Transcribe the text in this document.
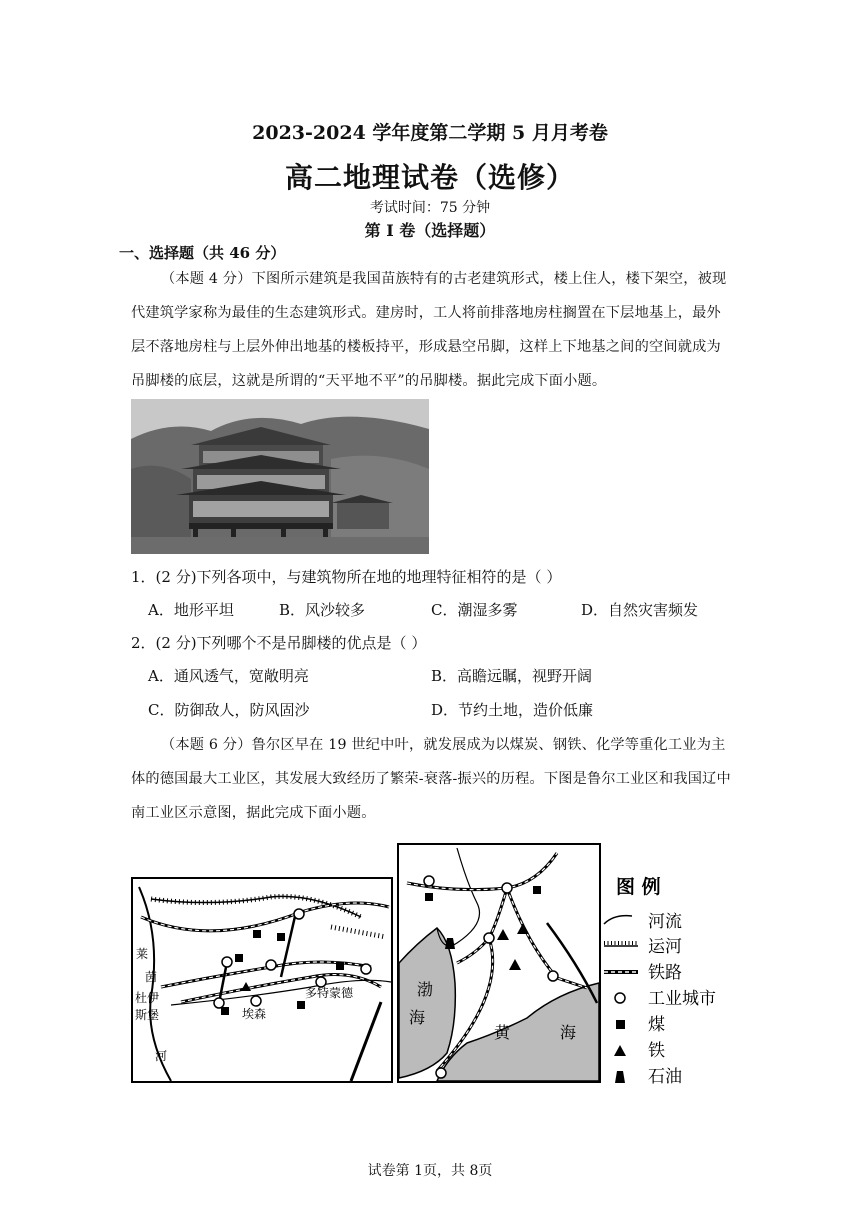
2023-2024 学年度第二学期 5 月月考卷
高二地理试卷（选修）
考试时间：75 分钟
第 I 卷（选择题）
一、选择题（共 46 分）
（本题 4 分）下图所示建筑是我国苗族特有的古老建筑形式，楼上住人，楼下架空，被现代建筑学家称为最佳的生态建筑形式。建房时，工人将前排落地房柱搁置在下层地基上，最外层不落地房柱与上层外伸出地基的楼板持平，形成悬空吊脚，这样上下地基之间的空间就成为吊脚楼的底层，这就是所谓的“天平地不平”的吊脚楼。据此完成下面小题。
1．(2 分)下列各项中，与建筑物所在地的地理特征相符的是（ ）
A．地形平坦	B．风沙较多	C．潮湿多雾	D．自然灾害频发
2．(2 分)下列哪个不是吊脚楼的优点是（ ）
A．通风透气，宽敞明亮	B．高瞻远瞩，视野开阔
C．防御敌人，防风固沙	D．节约土地，造价低廉
（本题 6 分）鲁尔区早在 19 世纪中叶，就发展成为以煤炭、钢铁、化学等重化工业为主体的德国最大工业区，其发展大致经历了繁荣-衰落-振兴的历程。下图是鲁尔工业区和我国辽中南工业区示意图，据此完成下面小题。
莱
茵
杜伊
斯堡	埃森
多特蒙德
河
渤
海
黄	海
图 例
河流
运河
铁路
工业城市
煤
铁
石油
试卷第 1页，共 8页
